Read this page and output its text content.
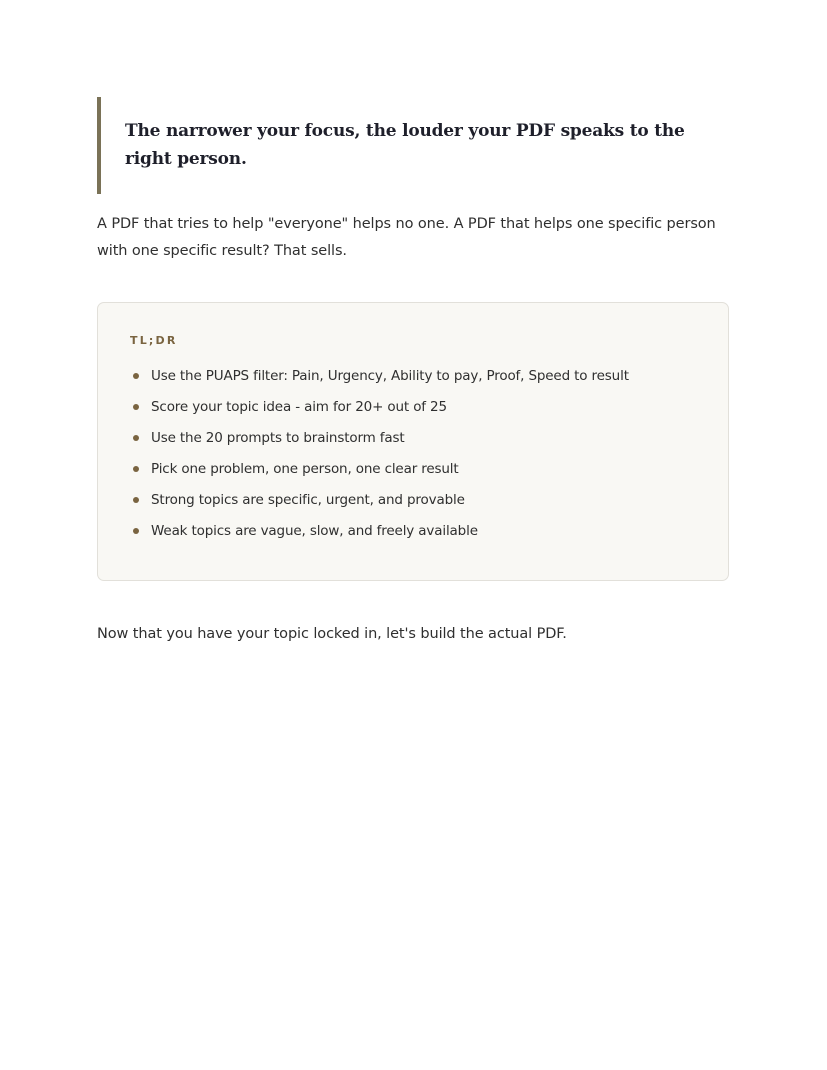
The narrower your focus, the louder your PDF speaks to the right person.

A PDF that tries to help "everyone" helps no one. A PDF that helps one specific person with one specific result? That sells.

TL;DR
Use the PUAPS filter: Pain, Urgency, Ability to pay, Proof, Speed to result
Score your topic idea - aim for 20+ out of 25
Use the 20 prompts to brainstorm fast
Pick one problem, one person, one clear result
Strong topics are specific, urgent, and provable
Weak topics are vague, slow, and freely available

Now that you have your topic locked in, let's build the actual PDF.
